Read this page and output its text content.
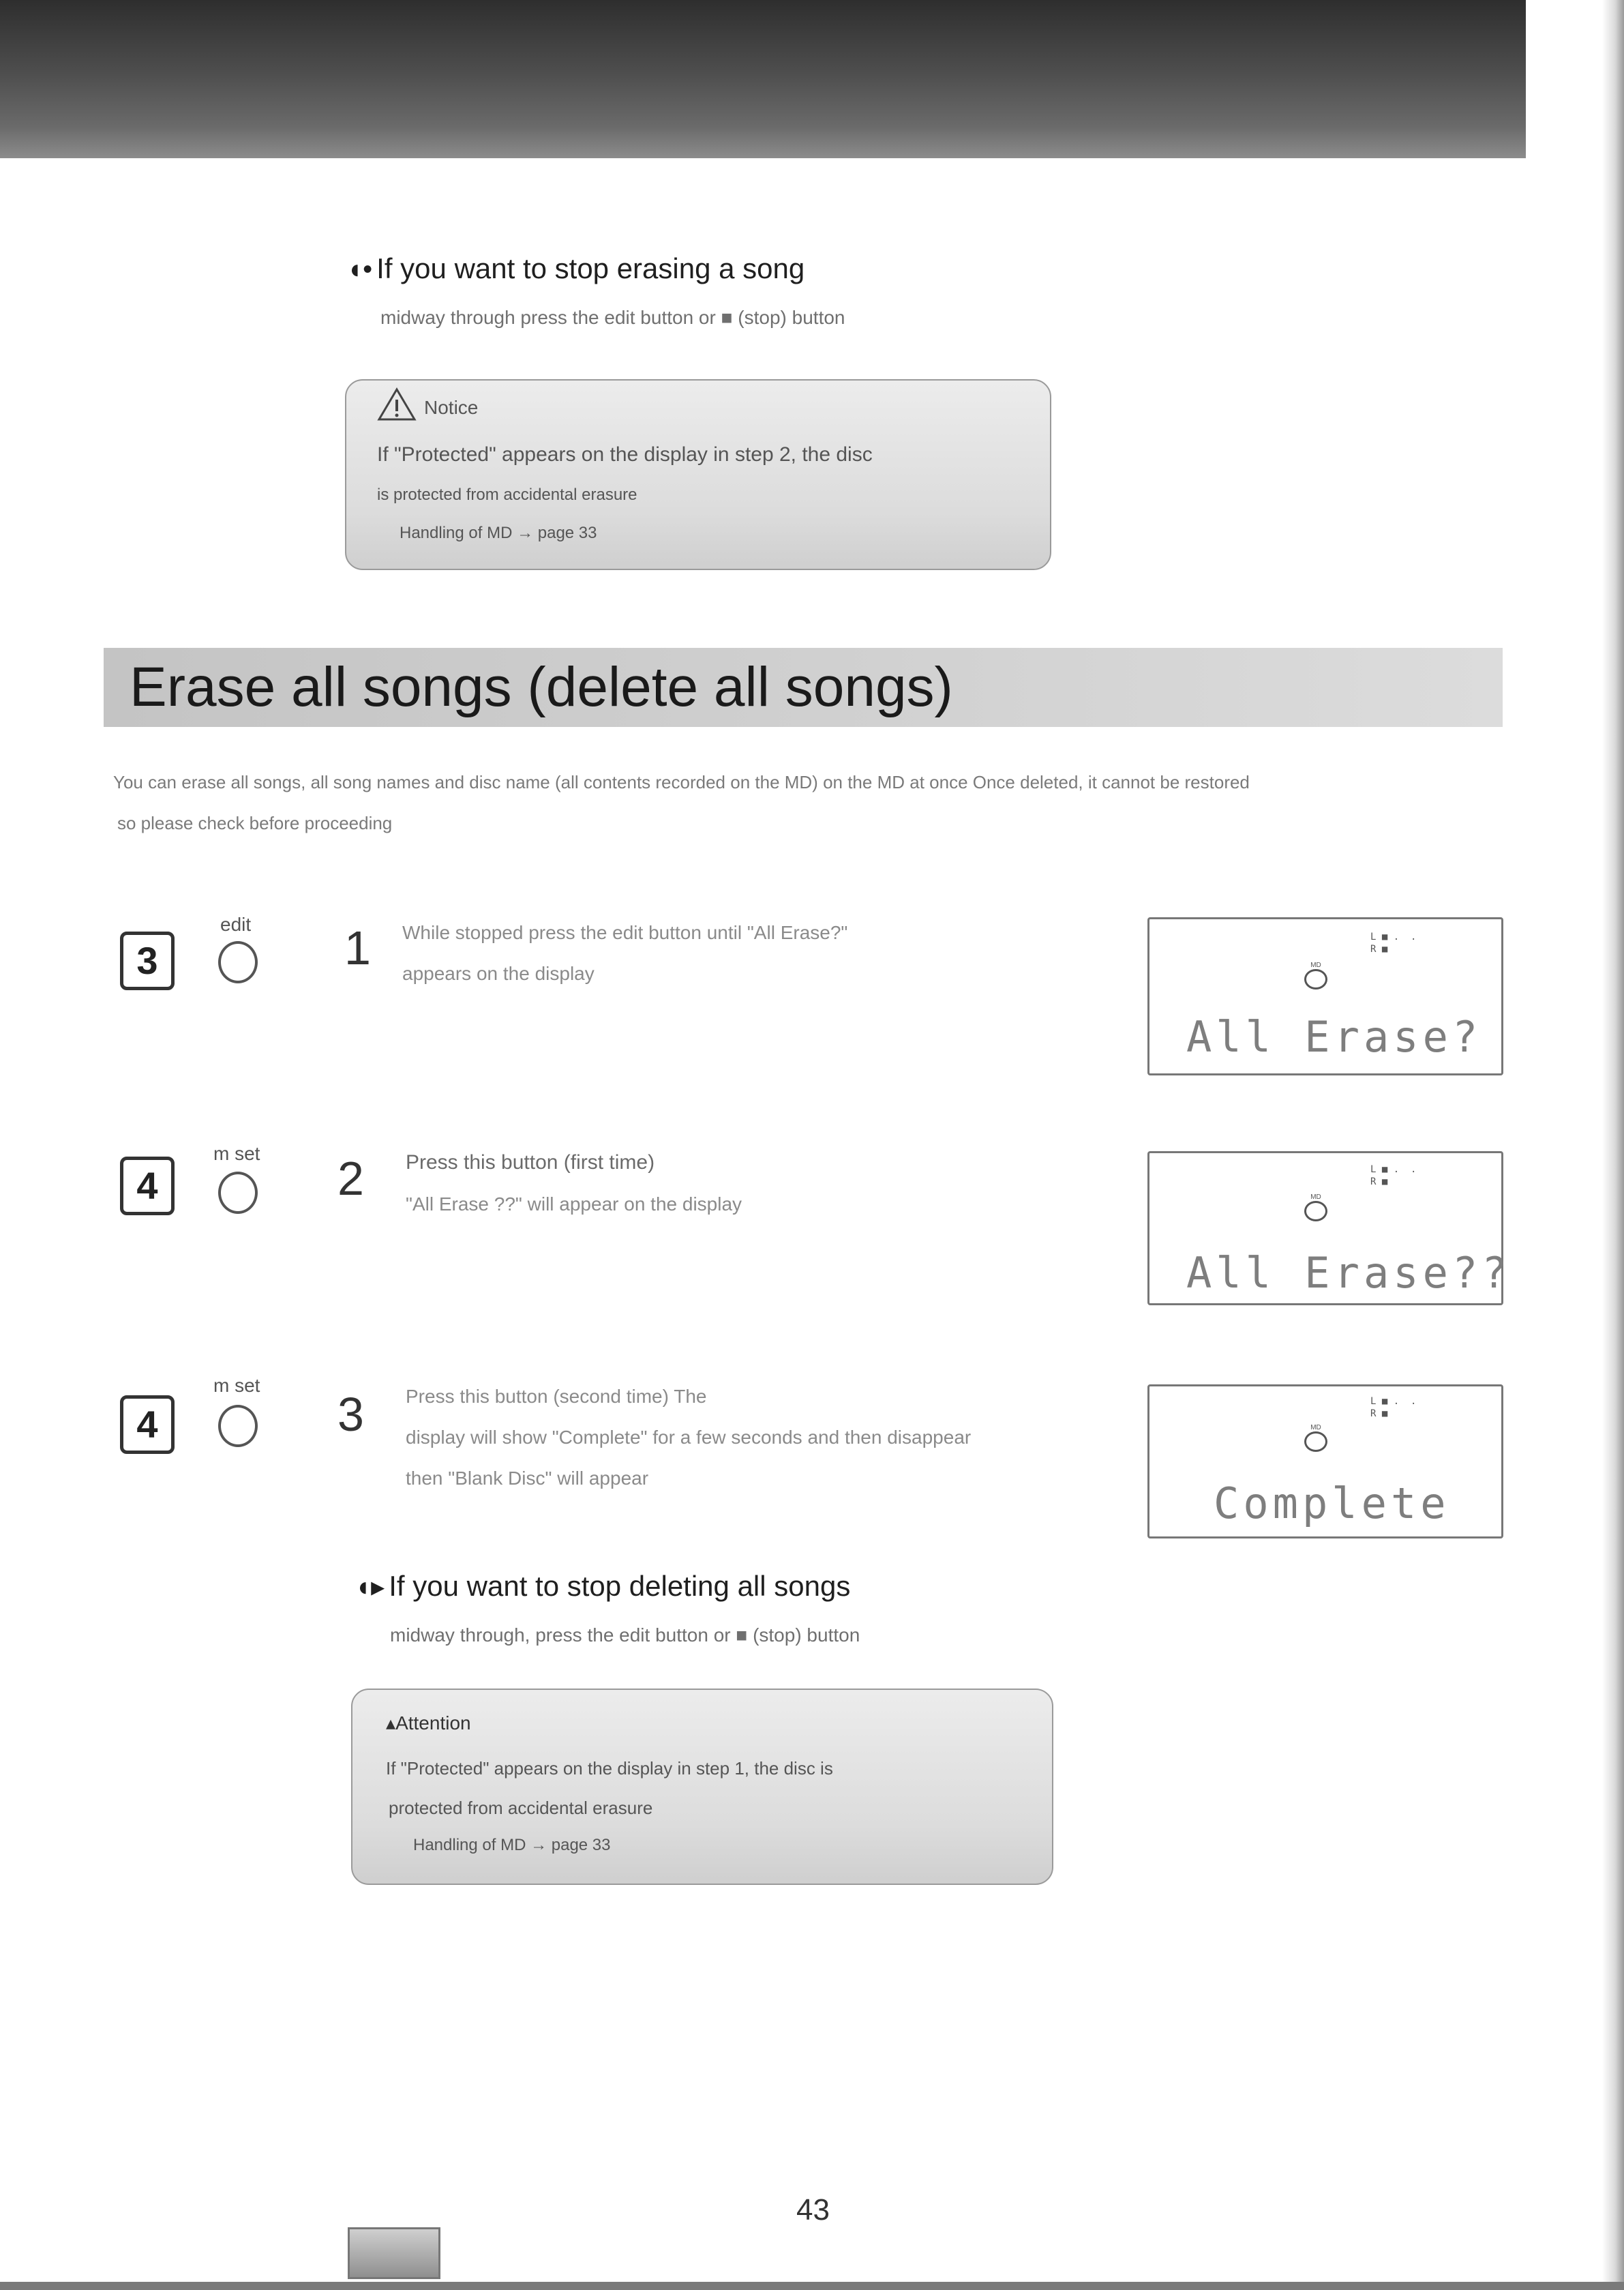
◖• If you want to stop erasing a song
midway through press the edit button or ■ (stop) button
Notice
If "Protected" appears on the display in step 2, the disc
is protected from accidental erasure
Handling of MD → page 33
Erase all songs (delete all songs)
You can erase all songs, all song names and disc name (all contents recorded on the MD) on the MD at once Once deleted, it cannot be restored
so please check before proceeding
3
edit 1 While stopped press the edit button until "All Erase?"
appears on the display
L ■ .  .
R ■
MD
All Erase?
4
m set 2 Press this button (first time)
"All Erase ??" will appear on the display
L ■ .  .
R ■
MD
All Erase??
4
m set
3 Press this button (second time) The
display will show "Complete" for a few seconds and then disappear
then "Blank Disc" will appear
L ■ .  .
R ■
MD
Complete
◖▸ If you want to stop deleting all songs
midway through, press the edit button or ■ (stop) button
▴Attention
If "Protected" appears on the display in step 1, the disc is
protected from accidental erasure
Handling of MD → page 33
43
